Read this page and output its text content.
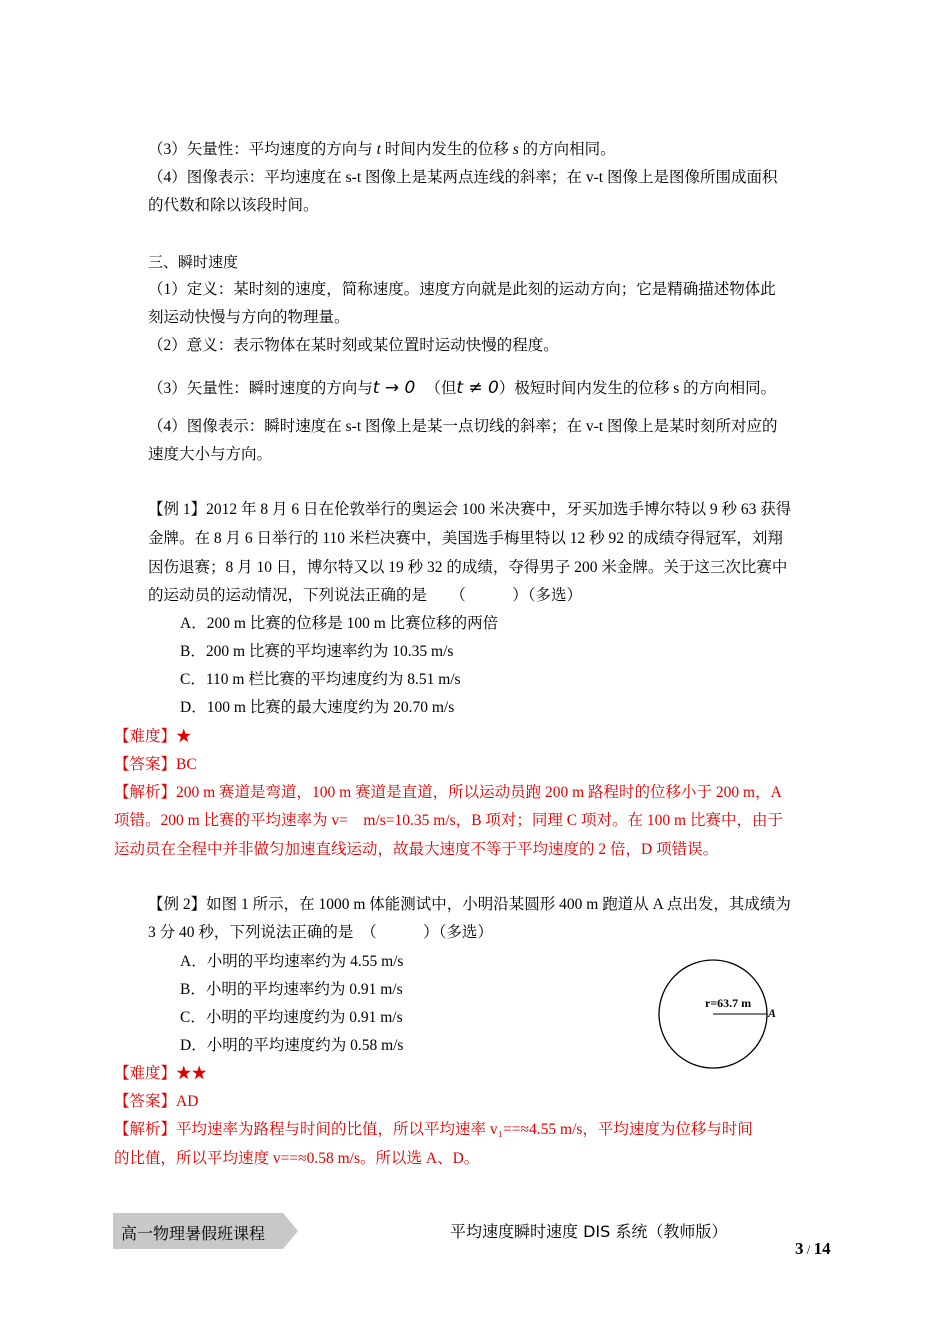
（3）矢量性：平均速度的方向与 t 时间内发生的位移 s 的方向相同。
（4）图像表示：平均速度在 s-t 图像上是某两点连线的斜率；在 v-t 图像上是图像所围成面积
的代数和除以该段时间。
三、瞬时速度
（1）定义：某时刻的速度，简称速度。速度方向就是此刻的运动方向；它是精确描述物体此
刻运动快慢与方向的物理量。
（2）意义：表示物体在某时刻或某位置时运动快慢的程度。
（3）矢量性：瞬时速度的方向与t → 0 （但t ≠ 0）极短时间内发生的位移 s 的方向相同。
（4）图像表示：瞬时速度在 s-t 图像上是某一点切线的斜率；在 v-t 图像上是某时刻所对应的
速度大小与方向。
【例 1】2012 年 8 月 6 日在伦敦举行的奥运会 100 米决赛中，牙买加选手博尔特以 9 秒 63 获得
金牌。在 8 月 6 日举行的 110 米栏决赛中，美国选手梅里特以 12 秒 92 的成绩夺得冠军，刘翔
因伤退赛；8 月 10 日，博尔特又以 19 秒 32 的成绩，夺得男子 200 米金牌。关于这三次比赛中
的运动员的运动情况，下列说法正确的是　　（　　　）（多选）
A．200 m 比赛的位移是 100 m 比赛位移的两倍
B．200 m 比赛的平均速率约为 10.35 m/s
C．110 m 栏比赛的平均速度约为 8.51 m/s
D．100 m 比赛的最大速度约为 20.70 m/s
【难度】★
【答案】BC
【解析】200 m 赛道是弯道，100 m 赛道是直道，所以运动员跑 200 m 路程时的位移小于 200 m，A
项错。200 m 比赛的平均速率为 v=　m/s=10.35 m/s，B 项对；同理 C 项对。在 100 m 比赛中，由于
运动员在全程中并非做匀加速直线运动，故最大速度不等于平均速度的 2 倍，D 项错误。
【例 2】如图 1 所示，在 1000 m 体能测试中，小明沿某圆形 400 m 跑道从 A 点出发，其成绩为
3 分 40 秒，下列说法正确的是　（　　　）（多选）
A．小明的平均速率约为 4.55 m/s
B．小明的平均速率约为 0.91 m/s
C．小明的平均速度约为 0.91 m/s
D．小明的平均速度约为 0.58 m/s
r=63.7 m
A
【难度】★★
【答案】AD
【解析】平均速率为路程与时间的比值，所以平均速率 v₁==≈4.55 m/s，平均速度为位移与时间
的比值，所以平均速度 v==≈0.58 m/s。所以选 A、D。
高一物理暑假班课程	平均速度瞬时速度 DIS 系统（教师版）
3 / 14
